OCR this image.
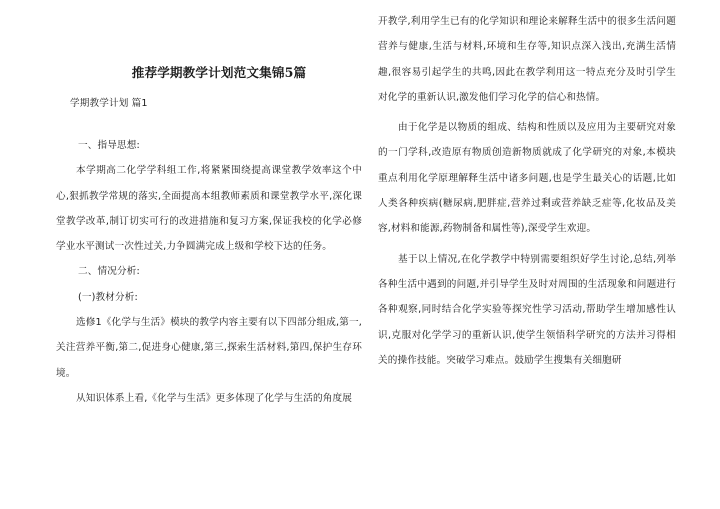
推荐学期教学计划范文集锦5篇

学期教学计划 篇1

一、指导思想:

本学期高二化学学科组工作,将紧紧围绕提高课堂教学效率这个中心,狠抓教学常规的落实,全面提高本组教师素质和课堂教学水平,深化课堂教学改革,制订切实可行的改进措施和复习方案,保证我校的化学必修学业水平测试一次性过关,力争圆满完成上级和学校下达的任务。

二、情况分析:

(一)教材分析:

选修1《化学与生活》模块的教学内容主要有以下四部分组成,第一,关注营养平衡,第二,促进身心健康,第三,探索生活材料,第四,保护生存环境。

从知识体系上看,《化学与生活》更多体现了化学与生活的角度展

开教学,利用学生已有的化学知识和理论来解释生活中的很多生活问题营养与健康,生活与材料,环境和生存等,知识点深入浅出,充满生活情趣,很容易引起学生的共鸣,因此在教学利用这一特点充分及时引学生对化学的重新认识,激发他们学习化学的信心和热情。

由于化学是以物质的组成、结构和性质以及应用为主要研究对象的一门学科,改造原有物质创造新物质就成了化学研究的对象,本模块重点利用化学原理解释生活中诸多问题,也是学生最关心的话题,比如人类各种疾病(糖尿病,肥胖症,营养过剩或营养缺乏症等,化妆品及美容,材料和能源,药物制备和属性等),深受学生欢迎。

基于以上情况,在化学教学中特别需要组织好学生讨论,总结,列举各种生活中遇到的问题,并引导学生及时对周围的生活现象和问题进行各种观察,同时结合化学实验等探究性学习活动,帮助学生增加感性认识,克服对化学学习的重新认识,使学生领悟科学研究的方法并习得相关的操作技能。突破学习难点。鼓励学生搜集有关细胞研
